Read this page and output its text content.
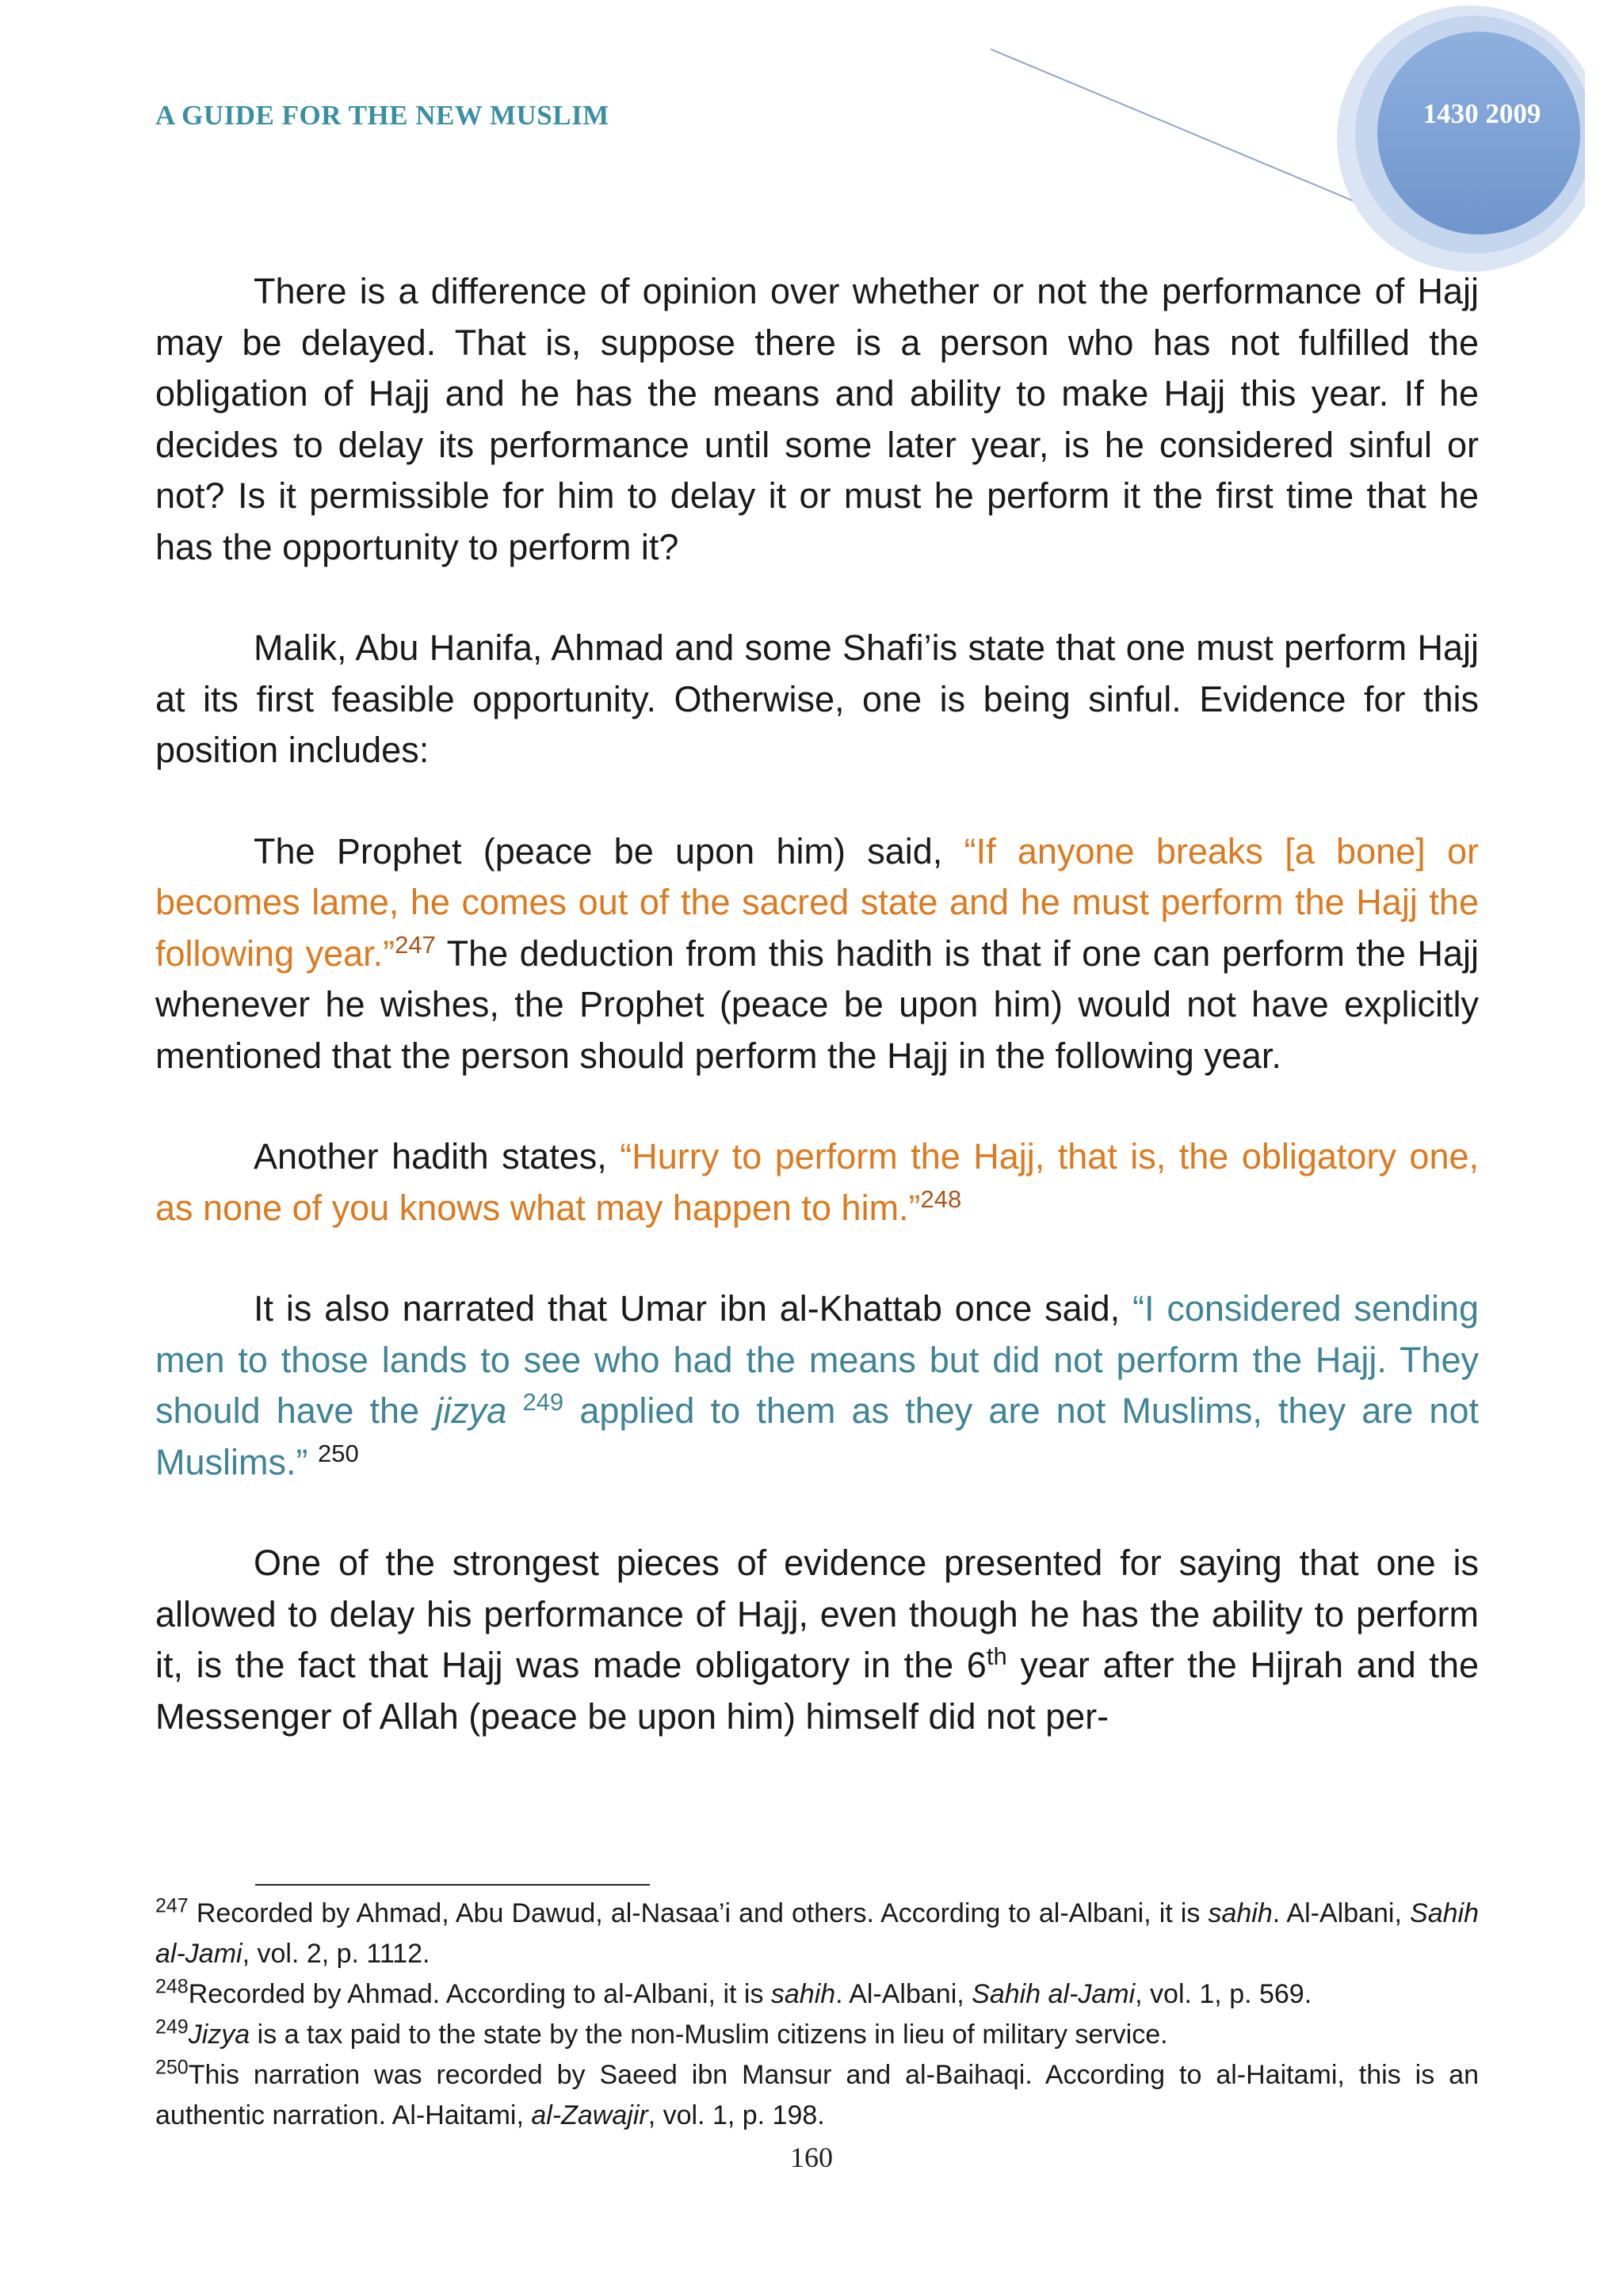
A GUIDE FOR THE NEW MUSLIM	1430 2009

There is a difference of opinion over whether or not the performance of Hajj may be delayed. That is, suppose there is a person who has not fulfilled the obligation of Hajj and he has the means and ability to make Hajj this year. If he decides to delay its performance until some later year, is he considered sinful or not? Is it permissible for him to delay it or must he perform it the first time that he has the opportunity to perform it?

Malik, Abu Hanifa, Ahmad and some Shafi’is state that one must perform Hajj at its first feasible opportunity. Otherwise, one is being sinful. Evidence for this position includes:

The Prophet (peace be upon him) said, “If anyone breaks [a bone] or becomes lame, he comes out of the sacred state and he must perform the Hajj the following year.”$^{247}$ The deduction from this hadith is that if one can perform the Hajj whenever he wishes, the Prophet (peace be upon him) would not have explicitly mentioned that the person should perform the Hajj in the following year.

Another hadith states, “Hurry to perform the Hajj, that is, the obligatory one, as none of you knows what may happen to him.”$^{248}$

It is also narrated that Umar ibn al-Khattab once said, “I considered sending men to those lands to see who had the means but did not perform the Hajj. They should have the jizya $^{249}$ applied to them as they are not Muslims, they are not Muslims.” $^{250}$

One of the strongest pieces of evidence presented for saying that one is allowed to delay his performance of Hajj, even though he has the ability to perform it, is the fact that Hajj was made obligatory in the 6th year after the Hijrah and the Messenger of Allah (peace be upon him) himself did not per-

$^{247}$ Recorded by Ahmad, Abu Dawud, al-Nasaa’i and others. According to al-Albani, it is sahih. Al-Albani, Sahih al-Jami, vol. 2, p. 1112.

$^{248}$Recorded by Ahmad. According to al-Albani, it is sahih. Al-Albani, Sahih al-Jami, vol. 1, p. 569.

$^{249}$Jizya is a tax paid to the state by the non-Muslim citizens in lieu of military service.

$^{250}$This narration was recorded by Saeed ibn Mansur and al-Baihaqi. According to al-Haitami, this is an authentic narration. Al-Haitami, al-Zawajir, vol. 1, p. 198.

160
